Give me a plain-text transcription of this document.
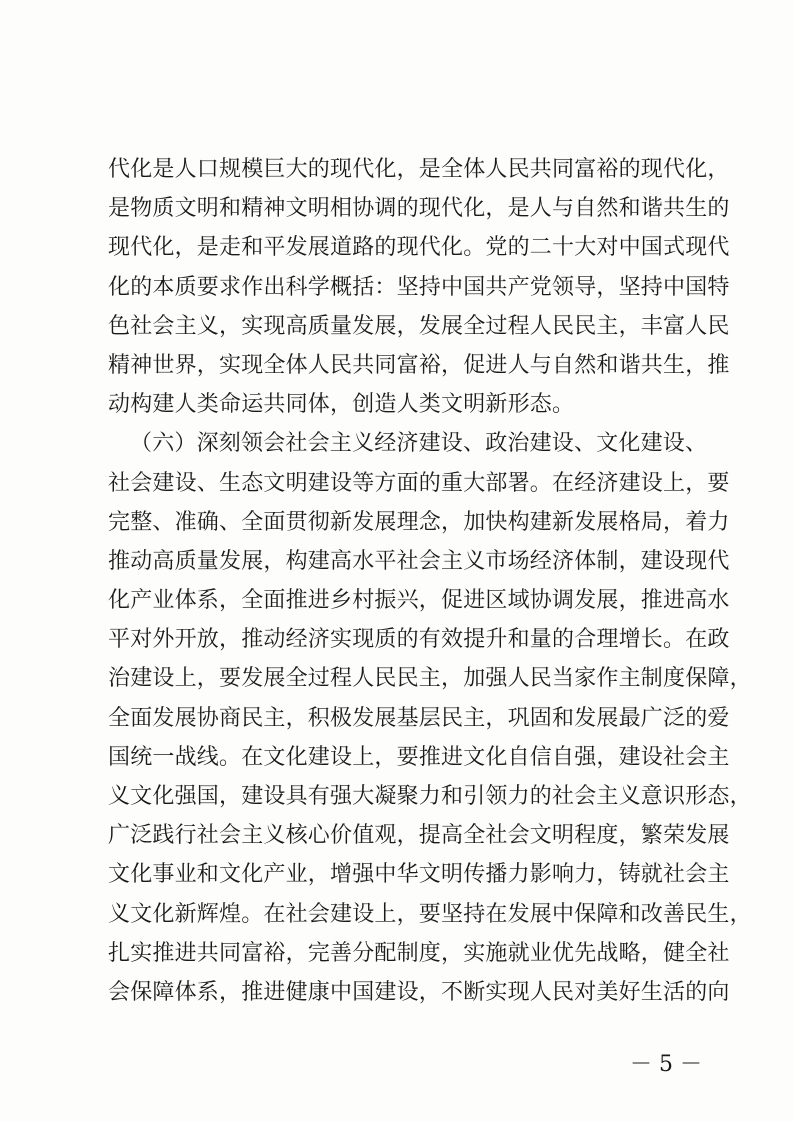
代化是人口规模巨大的现代化，是全体人民共同富裕的现代化，
是物质文明和精神文明相协调的现代化，是人与自然和谐共生的
现代化，是走和平发展道路的现代化。党的二十大对中国式现代
化的本质要求作出科学概括：坚持中国共产党领导，坚持中国特
色社会主义，实现高质量发展，发展全过程人民民主，丰富人民
精神世界，实现全体人民共同富裕，促进人与自然和谐共生，推
动构建人类命运共同体，创造人类文明新形态。
（六）深刻领会社会主义经济建设、政治建设、文化建设、
社会建设、生态文明建设等方面的重大部署。在经济建设上，要
完整、准确、全面贯彻新发展理念，加快构建新发展格局，着力
推动高质量发展，构建高水平社会主义市场经济体制，建设现代
化产业体系，全面推进乡村振兴，促进区域协调发展，推进高水
平对外开放，推动经济实现质的有效提升和量的合理增长。在政
治建设上，要发展全过程人民民主，加强人民当家作主制度保障，
全面发展协商民主，积极发展基层民主，巩固和发展最广泛的爱
国统一战线。在文化建设上，要推进文化自信自强，建设社会主
义文化强国，建设具有强大凝聚力和引领力的社会主义意识形态，
广泛践行社会主义核心价值观，提高全社会文明程度，繁荣发展
文化事业和文化产业，增强中华文明传播力影响力，铸就社会主
义文化新辉煌。在社会建设上，要坚持在发展中保障和改善民生，
扎实推进共同富裕，完善分配制度，实施就业优先战略，健全社
会保障体系，推进健康中国建设，不断实现人民对美好生活的向
－ 5 －
